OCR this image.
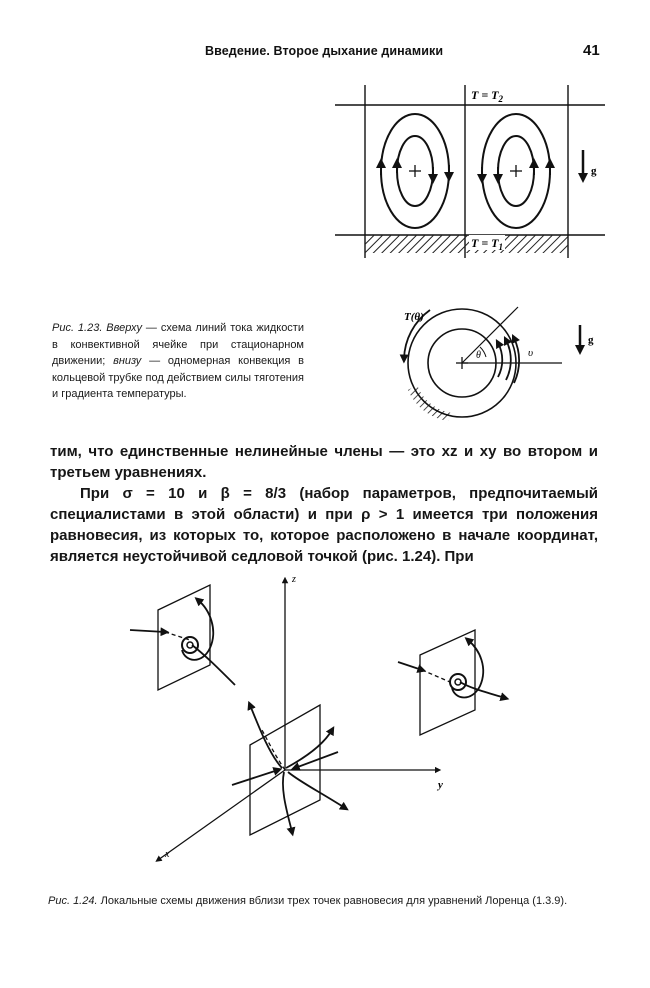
Введение. Второе дыхание динамики	41
g
$T = T_2$
$T = T_1$
θ	υ
T(θ)
g
Рис. 1.23. Вверху — схема линий тока жидкости в конвективной ячейке при стационарном движении; внизу — одномерная конвекция в кольцевой трубке под действием силы тяготения и градиента температуры.
тим, что единственные нелинейные члены — это xz и xy во втором и третьем уравнениях.
При σ = 10 и β = 8/3 (набор параметров, предпочитаемый специалистами в этой области) и при ρ > 1 имеется три положения равновесия, из которых то, которое расположено в начале координат, является неустойчивой седловой точкой (рис. 1.24). При
z
y
x
Рис. 1.24. Локальные схемы движения вблизи трех точек равновесия для уравнений Лоренца (1.3.9).
